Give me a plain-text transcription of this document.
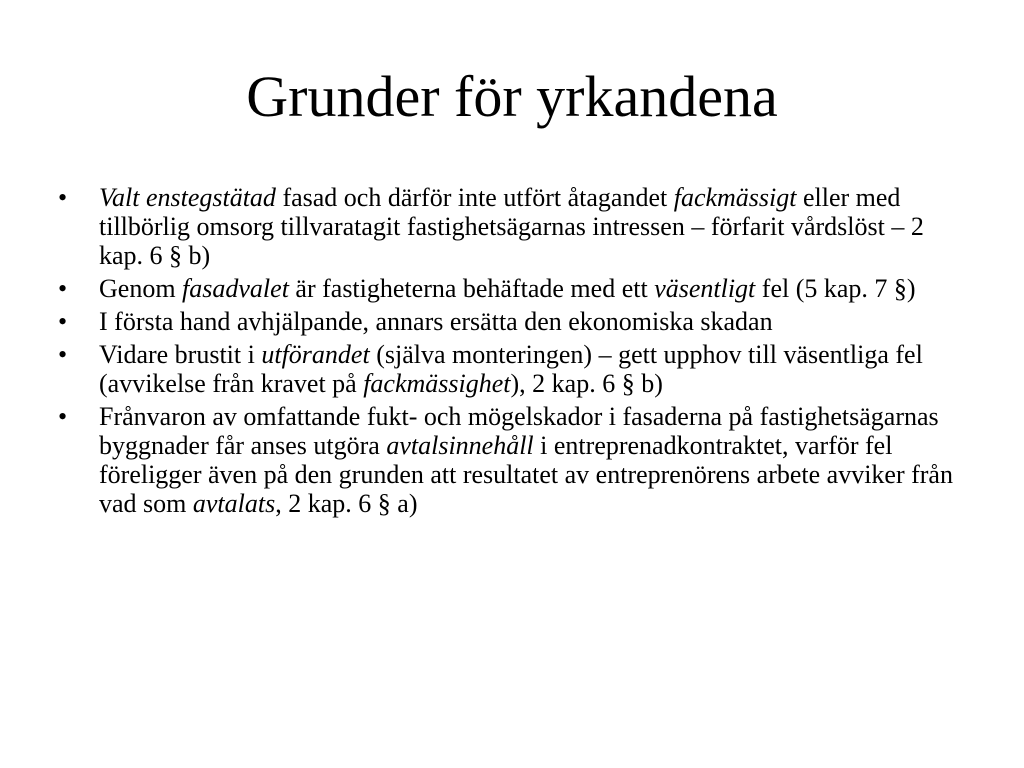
Grunder för yrkandena
•	Valt enstegstätad fasad och därför inte utfört åtagandet fackmässigt eller med tillbörlig omsorg tillvaratagit fastighetsägarnas intressen – förfarit vårdslöst – 2 kap. 6 § b)
•	Genom fasadvalet är fastigheterna behäftade med ett väsentligt fel (5 kap. 7 §)
•	I första hand avhjälpande, annars ersätta den ekonomiska skadan
•	Vidare brustit i utförandet (själva monteringen) – gett upphov till väsentliga fel (avvikelse från kravet på fackmässighet), 2 kap. 6 § b)
•	Frånvaron av omfattande fukt- och mögelskador i fasaderna på fastighetsägarnas byggnader får anses utgöra avtalsinnehåll i entreprenadkontraktet, varför fel föreligger även på den grunden att resultatet av entreprenörens arbete avviker från vad som avtalats, 2 kap. 6 § a)
